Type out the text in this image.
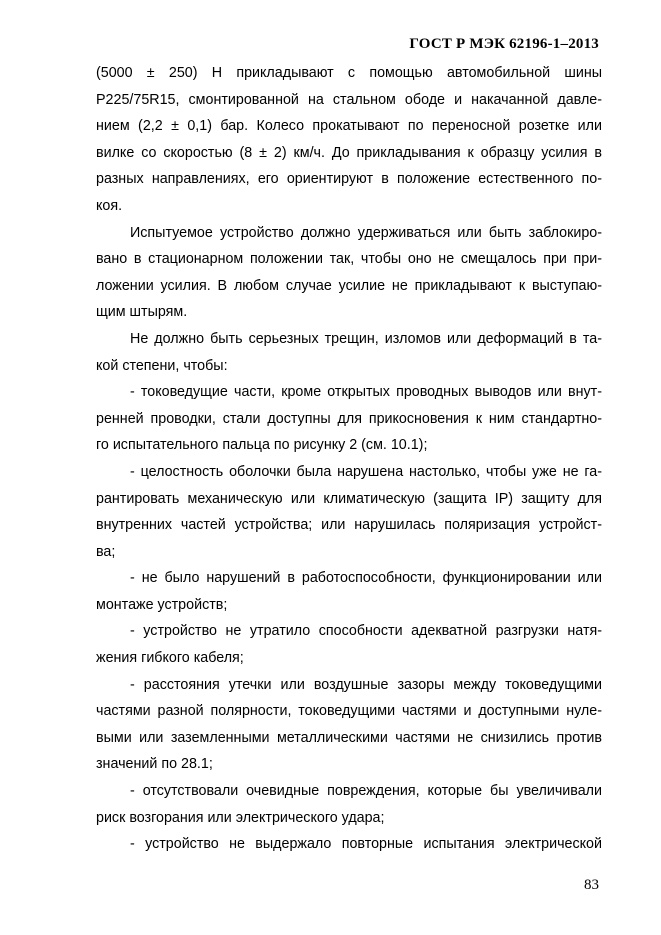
ГОСТ Р МЭК 62196-1–2013
(5000 ± 250) Н прикладывают с помощью автомобильной шины
P225/75R15, смонтированной на стальном ободе и накачанной давле-
нием (2,2 ± 0,1) бар. Колесо прокатывают по переносной розетке или
вилке со скоростью (8 ± 2) км/ч. До прикладывания к образцу усилия в
разных направлениях, его ориентируют в положение естественного по-
коя.
Испытуемое устройство должно удерживаться или быть заблокиро-
вано в стационарном положении так, чтобы оно не смещалось при при-
ложении усилия. В любом случае усилие не прикладывают к выступаю-
щим штырям.
Не должно быть серьезных трещин, изломов или деформаций в та-
кой степени, чтобы:
- токоведущие части, кроме открытых проводных выводов или внут-
ренней проводки, стали доступны для прикосновения к ним стандартно-
го испытательного пальца по рисунку 2 (см. 10.1);
- целостность оболочки была нарушена настолько, чтобы уже не га-
рантировать механическую или климатическую (защита IP) защиту для
внутренних частей устройства; или нарушилась поляризация устройст-
ва;
- не было нарушений в работоспособности, функционировании или
монтаже устройств;
- устройство не утратило способности адекватной разгрузки натя-
жения гибкого кабеля;
- расстояния утечки или воздушные зазоры между токоведущими
частями разной полярности, токоведущими частями и доступными нуле-
выми или заземленными металлическими частями не снизились против
значений по 28.1;
- отсутствовали очевидные повреждения, которые бы увеличивали
риск возгорания или электрического удара;
- устройство не выдержало повторные испытания электрической
83
